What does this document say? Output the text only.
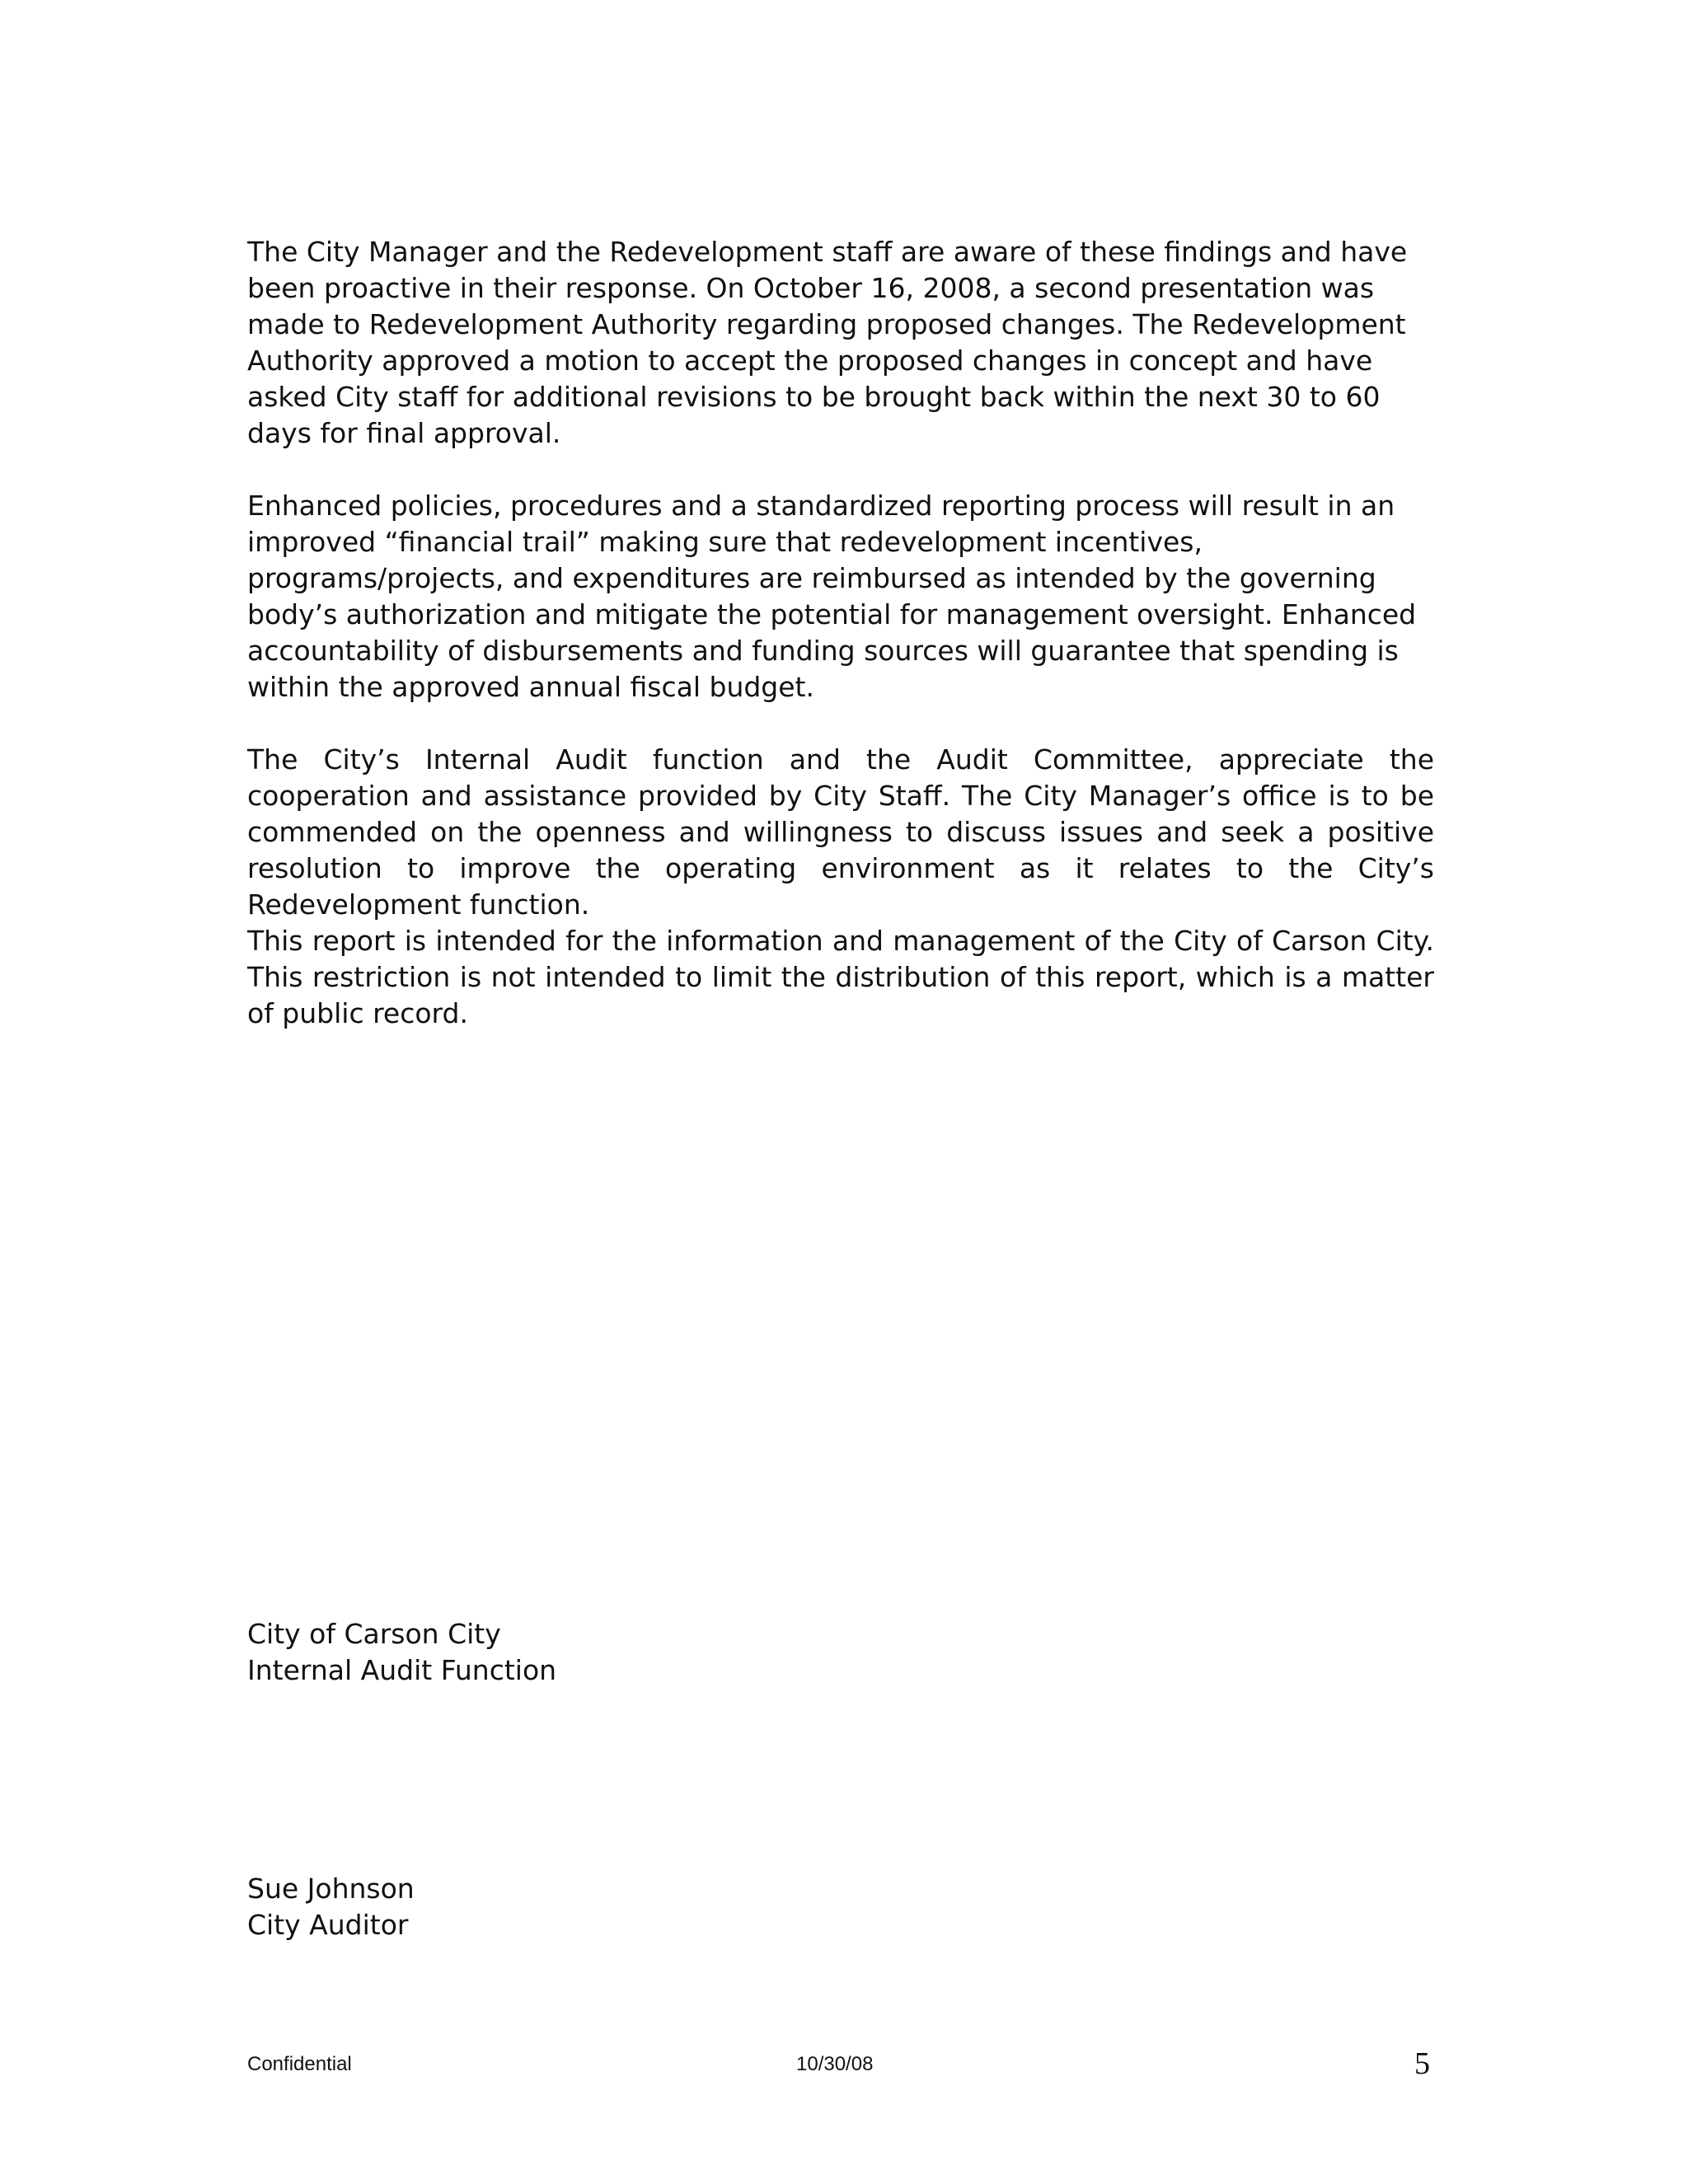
The City Manager and the Redevelopment staff are aware of these findings and have been proactive in their response. On October 16, 2008, a second presentation was made to Redevelopment Authority regarding proposed changes. The Redevelopment Authority approved a motion to accept the proposed changes in concept and have asked City staff for additional revisions to be brought back within the next 30 to 60 days for final approval.

Enhanced policies, procedures and a standardized reporting process will result in an improved “financial trail” making sure that redevelopment incentives, programs/projects, and expenditures are reimbursed as intended by the governing body’s authorization and mitigate the potential for management oversight. Enhanced accountability of disbursements and funding sources will guarantee that spending is within the approved annual fiscal budget.

The City’s Internal Audit function and the Audit Committee, appreciate the cooperation and assistance provided by City Staff. The City Manager’s office is to be commended on the openness and willingness to discuss issues and seek a positive resolution to improve the operating environment as it relates to the City’s Redevelopment function.

This report is intended for the information and management of the City of Carson City. This restriction is not intended to limit the distribution of this report, which is a matter of public record.

City of Carson City

Internal Audit Function

Sue Johnson

City Auditor

Confidential	10/30/08	5
